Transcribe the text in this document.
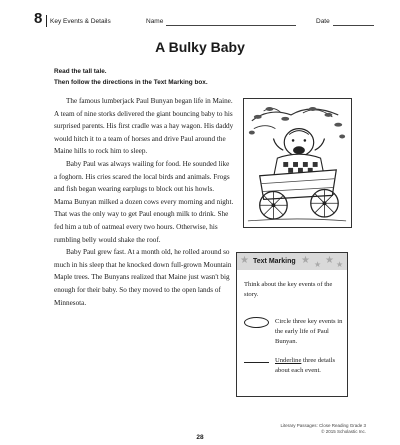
8 Key Events & Details	Name	Date
A Bulky Baby
Read the tall tale.
Then follow the directions in the Text Marking box.

The famous lumberjack Paul Bunyan began life in Maine. A team of nine storks delivered the giant bouncing baby to his surprised parents. His first cradle was a hay wagon. His daddy would hitch it to a team of horses and drive Paul around the Maine hills to rock him to sleep.

Baby Paul was always wailing for food. He sounded like a foghorn. His cries scared the local birds and animals. Frogs and fish began wearing earplugs to block out his howls. Mama Bunyan milked a dozen cows every morning and night. That was the only way to get Paul enough milk to drink. She fed him a tub of oatmeal every two hours. Otherwise, his rumbling belly would shake the roof.

Baby Paul grew fast. At a month old, he rolled around so much in his sleep that he knocked down full-grown Mountain Maple trees. The Bunyans realized that Maine just wasn't big enough for their baby. So they moved to the open lands of Minnesota.

★ Text Marking ★ ★ ★ ★
Think about the key events of the story.
Circle three key events in the early life of Paul Bunyan.
Underline three details about each event.
Literary Passages: Close Reading Grade 3
© 2015 Scholastic Inc.
28
